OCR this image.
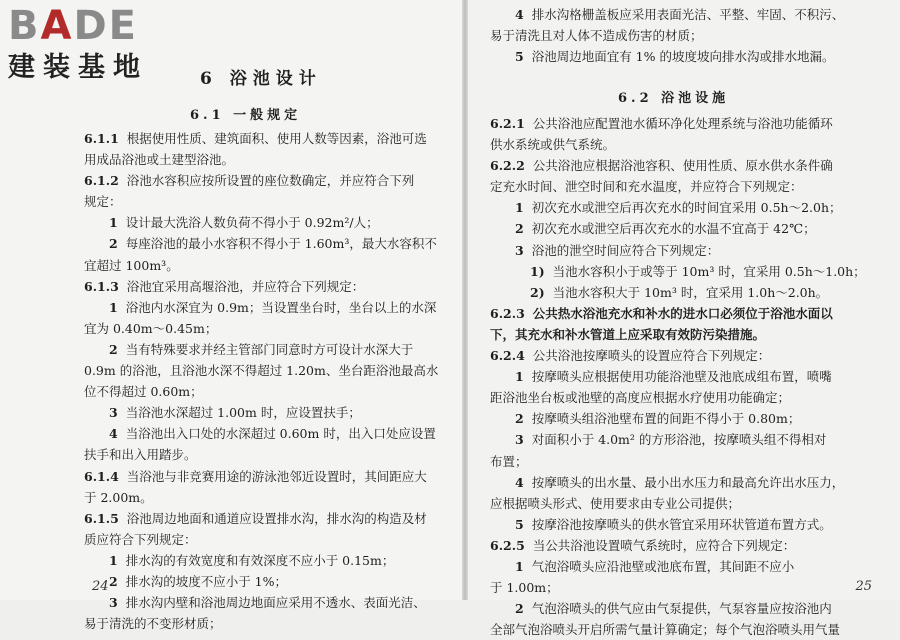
BADE
建装基地	6 浴池设计
6.1 一般规定
6.1.1 根据使用性质、建筑面积、使用人数等因素，浴池可选
用成品浴池或土建型浴池。
6.1.2 浴池水容积应按所设置的座位数确定，并应符合下列
规定：
1 设计最大洗浴人数负荷不得小于 0.92m²/人；
2 每座浴池的最小水容积不得小于 1.60m³，最大水容积不
宜超过 100m³。
6.1.3 浴池宜采用高堰浴池，并应符合下列规定：
1 浴池内水深宜为 0.9m；当设置坐台时，坐台以上的水深
宜为 0.40m～0.45m；
2 当有特殊要求并经主管部门同意时方可设计水深大于
0.9m 的浴池，且浴池水深不得超过 1.20m、坐台距浴池最高水
位不得超过 0.60m；
3 当浴池水深超过 1.00m 时，应设置扶手；
4 当浴池出入口处的水深超过 0.60m 时，出入口处应设置
扶手和出入用踏步。
6.1.4 当浴池与非竞赛用途的游泳池邻近设置时，其间距应大
于 2.00m。
6.1.5 浴池周边地面和通道应设置排水沟，排水沟的构造及材
质应符合下列规定：
1 排水沟的有效宽度和有效深度不应小于 0.15m；
2 排水沟的坡度不应小于 1%；
3 排水沟内壁和浴池周边地面应采用不透水、表面光洁、
易于清洗的不变形材质；
24
4 排水沟格栅盖板应采用表面光洁、平整、牢固、不积污、
易于清洗且对人体不造成伤害的材质；
5 浴池周边地面宜有 1% 的坡度坡向排水沟或排水地漏。
6.2 浴池设施
6.2.1 公共浴池应配置池水循环净化处理系统与浴池功能循环
供水系统或供气系统。
6.2.2 公共浴池应根据浴池容积、使用性质、原水供水条件确
定充水时间、泄空时间和充水温度，并应符合下列规定：
1 初次充水或泄空后再次充水的时间宜采用 0.5h～2.0h；
2 初次充水或泄空后再次充水的水温不宜高于 42℃；
3 浴池的泄空时间应符合下列规定：
1) 当池水容积小于或等于 10m³ 时，宜采用 0.5h～1.0h；
2) 当池水容积大于 10m³ 时，宜采用 1.0h～2.0h。
6.2.3 公共热水浴池充水和补水的进水口必须位于浴池水面以
下，其充水和补水管道上应采取有效防污染措施。
6.2.4 公共浴池按摩喷头的设置应符合下列规定：
1 按摩喷头应根据使用功能浴池壁及池底成组布置，喷嘴
距浴池坐台板或池壁的高度应根据水疗使用功能确定；
2 按摩喷头组浴池壁布置的间距不得小于 0.80m；
3 对面积小于 4.0m² 的方形浴池，按摩喷头组不得相对
布置；
4 按摩喷头的出水量、最小出水压力和最高允许出水压力，
应根据喷头形式、使用要求由专业公司提供；
5 按摩浴池按摩喷头的供水管宜采用环状管道布置方式。
6.2.5 当公共浴池设置喷气系统时，应符合下列规定：
1 气泡浴喷头应沿池壁或池底布置，其间距不应小
于 1.00m；
2 气泡浴喷头的供气应由气泵提供，气泵容量应按浴池内
全部气泡浴喷头开启所需气量计算确定；每个气泡浴喷头用气量
25
